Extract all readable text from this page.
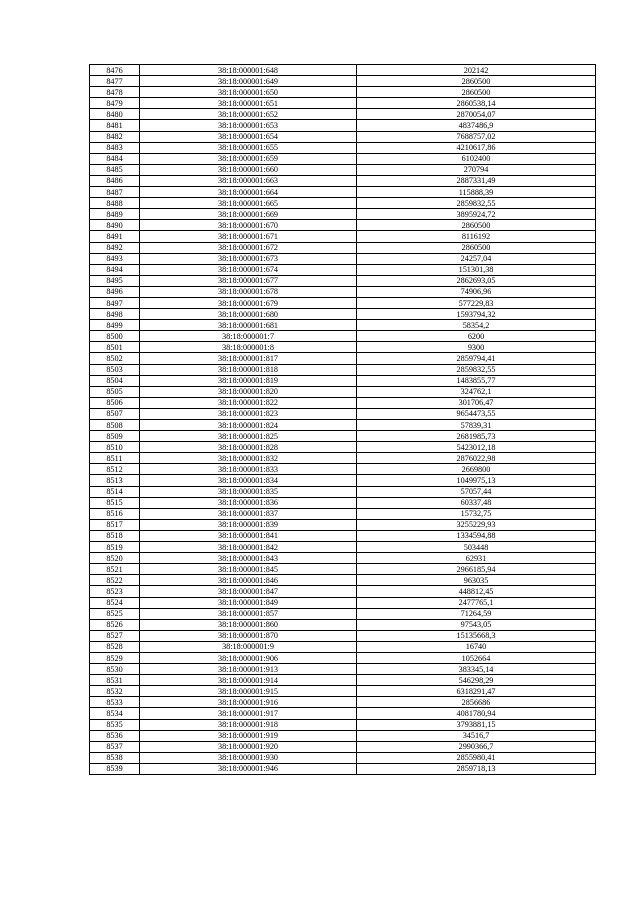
8476	38:18:000001:648	202142
8477	38:18:000001:649	2860500
8478	38:18:000001:650	2860500
8479	38:18:000001:651	2860538,14
8480	38:18:000001:652	2870054,07
8481	38:18:000001:653	4837486,9
8482	38:18:000001:654	7688757,02
8483	38:18:000001:655	4210617,86
8484	38:18:000001:659	6102400
8485	38:18:000001:660	270794
8486	38:18:000001:663	2887331,49
8487	38:18:000001:664	115888,39
8488	38:18:000001:665	2859832,55
8489	38:18:000001:669	3895924,72
8490	38:18:000001:670	2860500
8491	38:18:000001:671	8116192
8492	38:18:000001:672	2860500
8493	38:18:000001:673	24257,04
8494	38:18:000001:674	151301,38
8495	38:18:000001:677	2862693,05
8496	38:18:000001:678	74906,96
8497	38:18:000001:679	577229,83
8498	38:18:000001:680	1593794,32
8499	38:18:000001:681	58354,2
8500	38:18:000001:7	6200
8501	38:18:000001:8	9300
8502	38:18:000001:817	2859794,41
8503	38:18:000001:818	2859832,55
8504	38:18:000001:819	1483855,77
8505	38:18:000001:820	324762,1
8506	38:18:000001:822	301706,47
8507	38:18:000001:823	9654473,55
8508	38:18:000001:824	57839,31
8509	38:18:000001:825	2681985,73
8510	38:18:000001:828	5423012,18
8511	38:18:000001:832	2876022,98
8512	38:18:000001:833	2669800
8513	38:18:000001:834	1049975,13
8514	38:18:000001:835	57057,44
8515	38:18:000001:836	60337,48
8516	38:18:000001:837	15732,75
8517	38:18:000001:839	3255229,93
8518	38:18:000001:841	1334594,88
8519	38:18:000001:842	503448
8520	38:18:000001:843	62931
8521	38:18:000001:845	2966185,94
8522	38:18:000001:846	963035
8523	38:18:000001:847	448812,45
8524	38:18:000001:849	2477765,1
8525	38:18:000001:857	71264,59
8526	38:18:000001:860	97543,05
8527	38:18:000001:870	15135668,3
8528	38:18:000001:9	16740
8529	38:18:000001:906	1052664
8530	38:18:000001:913	383345,14
8531	38:18:000001:914	546298,29
8532	38:18:000001:915	6318291,47
8533	38:18:000001:916	2856686
8534	38:18:000001:917	4081780,94
8535	38:18:000001:918	3793881,15
8536	38:18:000001:919	34516,7
8537	38:18:000001:920	2990366,7
8538	38:18:000001:930	2855980,41
8539	38:18:000001:946	2859718,13
